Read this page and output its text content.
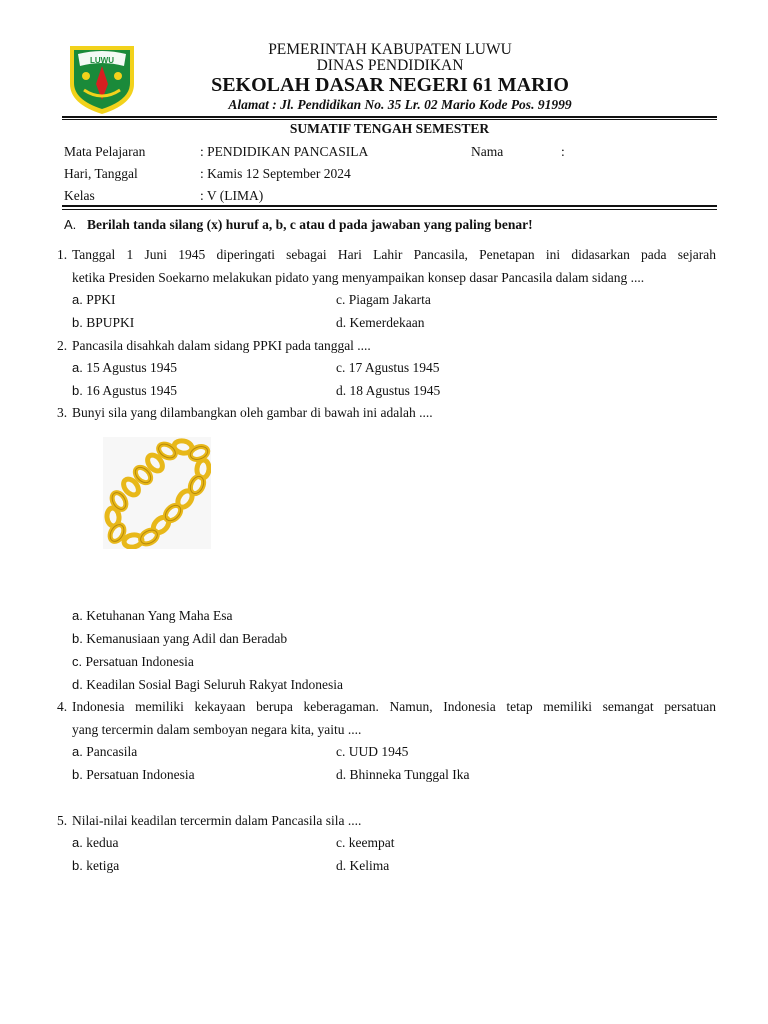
LUWU
PEMERINTAH KABUPATEN LUWU
DINAS PENDIDIKAN
SEKOLAH DASAR NEGERI 61 MARIO
Alamat : Jl. Pendidikan No. 35 Lr. 02 Mario Kode Pos. 91999
SUMATIF TENGAH SEMESTER
Mata Pelajaran	: PENDIDIKAN PANCASILA	Nama	:
Hari, Tanggal	: Kamis 12 September 2024
Kelas	: V (LIMA)
A. Berilah tanda silang (x) huruf a, b, c atau d pada jawaban yang paling benar!
1. Tanggal 1 Juni 1945 diperingati sebagai Hari Lahir Pancasila, Penetapan ini didasarkan pada sejarah
ketika Presiden Soekarno melakukan pidato yang menyampaikan konsep dasar Pancasila dalam sidang ....
a. PPKI	c. Piagam Jakarta
b. BPUPKI	d. Kemerdekaan
2. Pancasila disahkah dalam sidang PPKI pada tanggal ....
a. 15 Agustus 1945	c. 17 Agustus 1945
b. 16 Agustus 1945	d. 18 Agustus 1945
3. Bunyi sila yang dilambangkan oleh gambar di bawah ini adalah ....
a. Ketuhanan Yang Maha Esa
b. Kemanusiaan yang Adil dan Beradab
c. Persatuan Indonesia
d. Keadilan Sosial Bagi Seluruh Rakyat Indonesia
4. Indonesia memiliki kekayaan berupa keberagaman. Namun, Indonesia tetap memiliki semangat persatuan
yang tercermin dalam semboyan negara kita, yaitu ....
a. Pancasila	c. UUD 1945
b. Persatuan Indonesia	d. Bhinneka Tunggal Ika
5. Nilai-nilai keadilan tercermin dalam Pancasila sila ....
a. kedua	c. keempat
b. ketiga	d. Kelima
